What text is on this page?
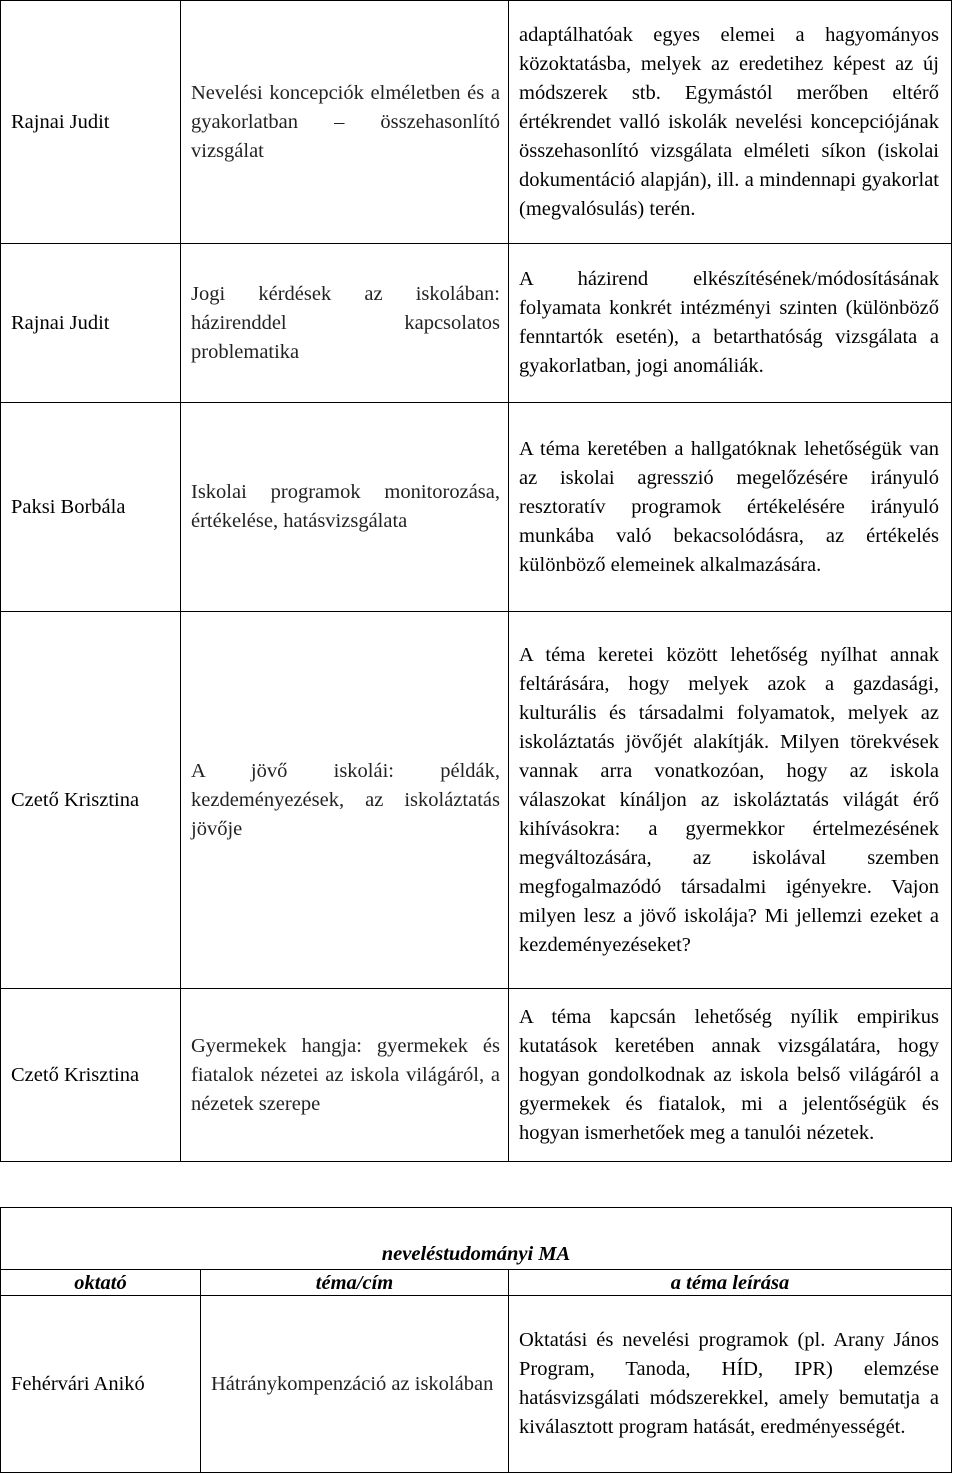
Rajnai Judit	Nevelési koncepciók elméletben és a gyakorlatban – összehasonlító vizsgálat	adaptálhatóak egyes elemei a hagyományos közoktatásba, melyek az eredetihez képest az új módszerek stb. Egymástól merőben eltérő értékrendet valló iskolák nevelési koncepciójának összehasonlító vizsgálata elméleti síkon (iskolai dokumentáció alapján), ill. a mindennapi gyakorlat (megvalósulás) terén.
Rajnai Judit	Jogi kérdések az iskolában: házirenddel kapcsolatos problematika	A házirend elkészítésének/módosításának folyamata konkrét intézményi szinten (különböző fenntartók esetén), a betarthatóság vizsgálata a gyakorlatban, jogi anomáliák.
Paksi Borbála	Iskolai programok monitorozása, értékelése, hatásvizsgálata	A téma keretében a hallgatóknak lehetőségük van az iskolai agresszió megelőzésére irányuló resztoratív programok értékelésére irányuló munkába való bekacsolódásra, az értékelés különböző elemeinek alkalmazására.
Czető Krisztina	A jövő iskolái: példák, kezdeményezések, az iskoláztatás jövője	A téma keretei között lehetőség nyílhat annak feltárására, hogy melyek azok a gazdasági, kulturális és társadalmi folyamatok, melyek az iskoláztatás jövőjét alakítják. Milyen törekvések vannak arra vonatkozóan, hogy az iskola válaszokat kínáljon az iskoláztatás világát érő kihívásokra: a gyermekkor értelmezésének megváltozására, az iskolával szemben megfogalmazódó társadalmi igényekre. Vajon milyen lesz a jövő iskolája? Mi jellemzi ezeket a kezdeményezéseket?
Czető Krisztina	Gyermekek hangja: gyermekek és fiatalok nézetei az iskola világáról, a nézetek szerepe	A téma kapcsán lehetőség nyílik empirikus kutatások keretében annak vizsgálatára, hogy hogyan gondolkodnak az iskola belső világáról a gyermekek és fiatalok, mi a jelentőségük és hogyan ismerhetőek meg a tanulói nézetek.
neveléstudományi MA		
oktató	téma/cím	a téma leírása
Fehérvári Anikó	Hátránykompenzáció az iskolában	Oktatási és nevelési programok (pl. Arany János Program, Tanoda, HÍD, IPR) elemzése hatásvizsgálati módszerekkel, amely bemutatja a kiválasztott program hatását, eredményességét.
